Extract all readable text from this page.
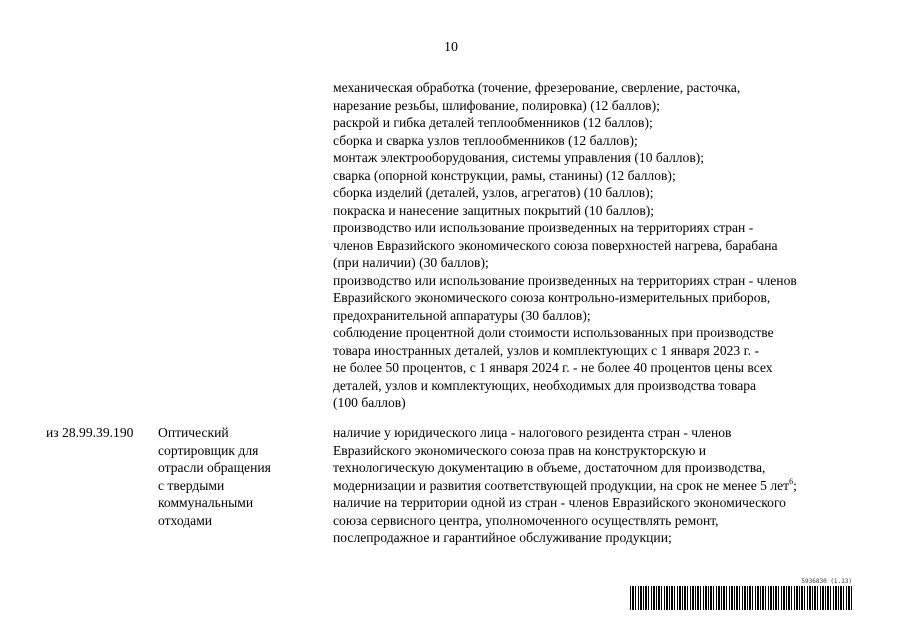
10
механическая обработка (точение, фрезерование, сверление, расточка,
нарезание резьбы, шлифование, полировка) (12 баллов);
раскрой и гибка деталей теплообменников (12 баллов);
сборка и сварка узлов теплообменников (12 баллов);
монтаж электрооборудования, системы управления (10 баллов);
сварка (опорной конструкции, рамы, станины) (12 баллов);
сборка изделий (деталей, узлов, агрегатов) (10 баллов);
покраска и нанесение защитных покрытий (10 баллов);
производство или использование произведенных на территориях стран -
членов Евразийского экономического союза поверхностей нагрева, барабана
(при наличии) (30 баллов);
производство или использование произведенных на территориях стран - членов
Евразийского экономического союза контрольно-измерительных приборов,
предохранительной аппаратуры (30 баллов);
соблюдение процентной доли стоимости использованных при производстве
товара иностранных деталей, узлов и комплектующих с 1 января 2023 г. -
не более 50 процентов, с 1 января 2024 г. - не более 40 процентов цены всех
деталей, узлов и комплектующих, необходимых для производства товара
(100 баллов)
из 28.99.39.190 Оптический
сортировщик для
отрасли обращения
с твердыми
коммунальными
отходами
наличие у юридического лица - налогового резидента стран - членов
Евразийского экономического союза прав на конструкторскую и
технологическую документацию в объеме, достаточном для производства,
модернизации и развития соответствующей продукции, на срок не менее 5 лет$^6$;
наличие на территории одной из стран - членов Евразийского экономического
союза сервисного центра, уполномоченного осуществлять ремонт,
послепродажное и гарантийное обслуживание продукции;
5936830 (1.13)
